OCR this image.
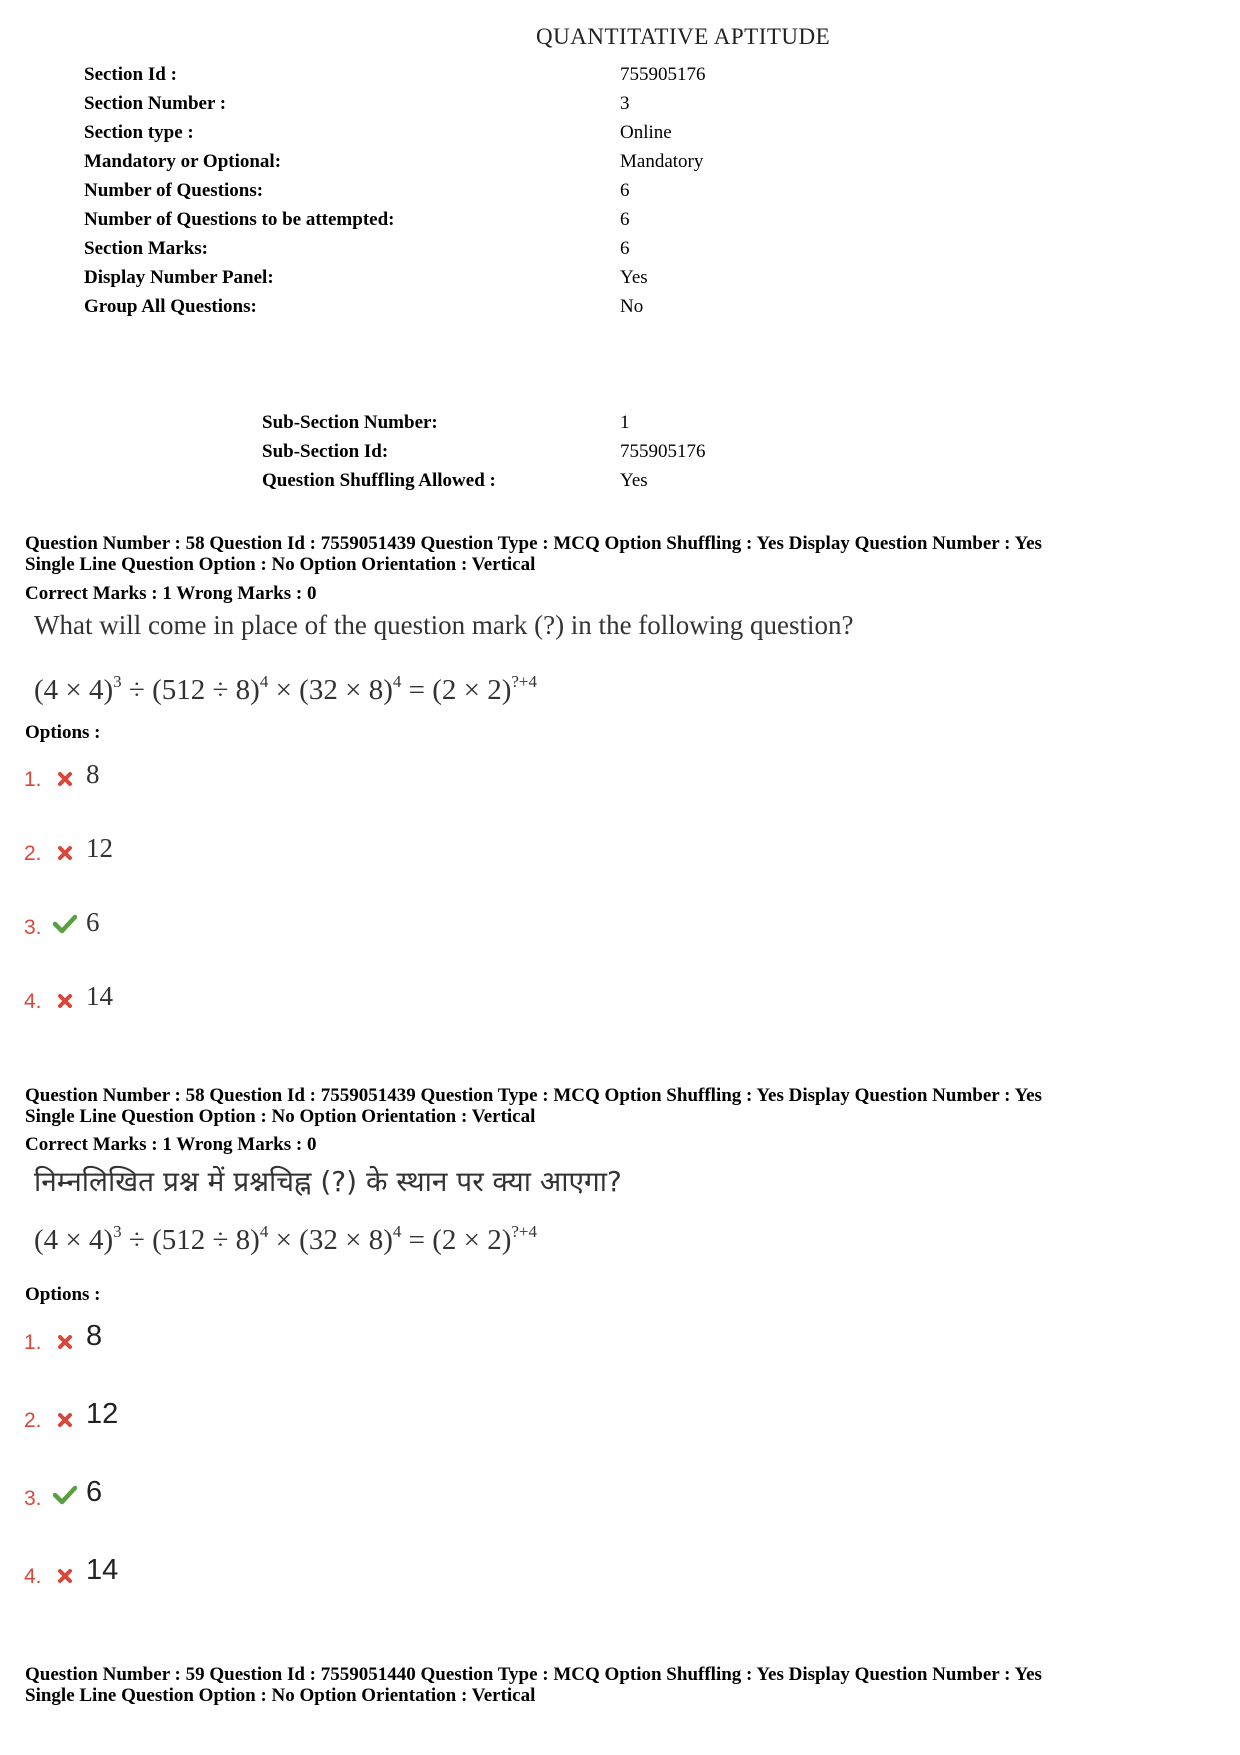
QUANTITATIVE APTITUDE
Section Id :	755905176
Section Number :	3
Section type :	Online
Mandatory or Optional:	Mandatory
Number of Questions:	6
Number of Questions to be attempted:	6
Section Marks:	6
Display Number Panel:	Yes
Group All Questions:	No
Sub-Section Number:	1
Sub-Section Id:	755905176
Question Shuffling Allowed :	Yes
Question Number : 58 Question Id : 7559051439 Question Type : MCQ Option Shuffling : Yes Display Question Number : Yes
Single Line Question Option : No Option Orientation : Vertical
Correct Marks : 1 Wrong Marks : 0
What will come in place of the question mark (?) in the following question?
$(4 \times 4)^3 \div (512 \div 8)^4 \times (32 \times 8)^4 = (2 \times 2)^{?+4}$
Options :
1.	8
2.	12
3.	6
4.	14
Question Number : 58 Question Id : 7559051439 Question Type : MCQ Option Shuffling : Yes Display Question Number : Yes
Single Line Question Option : No Option Orientation : Vertical
Correct Marks : 1 Wrong Marks : 0
निम्नलिखित प्रश्न में प्रश्नचिह्न (?) के स्थान पर क्या आएगा?
$(4 \times 4)^3 \div (512 \div 8)^4 \times (32 \times 8)^4 = (2 \times 2)^{?+4}$
Options :
1. 8
2. 12
3. 6
4. 14
Question Number : 59 Question Id : 7559051440 Question Type : MCQ Option Shuffling : Yes Display Question Number : Yes
Single Line Question Option : No Option Orientation : Vertical
